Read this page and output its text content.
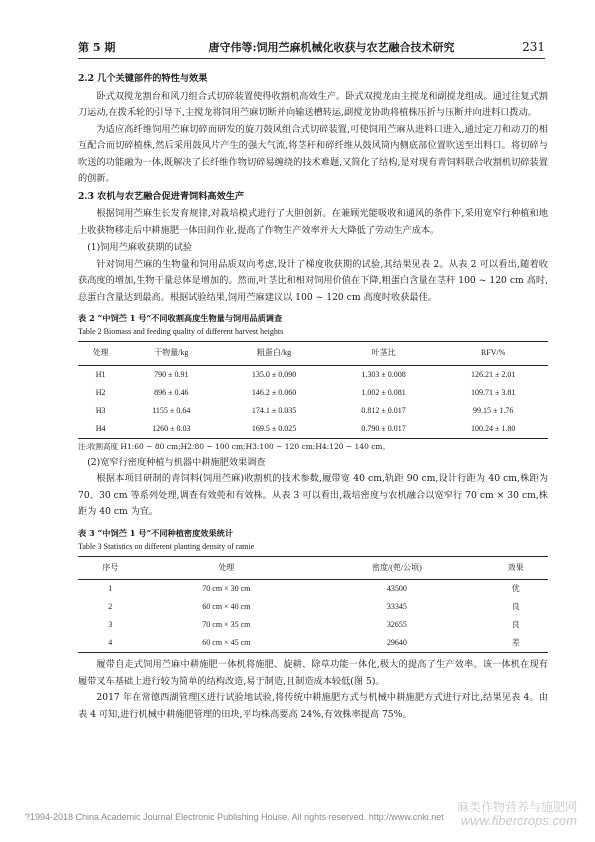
第 5 期	唐守伟等:饲用苎麻机械化收获与农艺融合技术研究	231
2.2 几个关键部件的特性与效果

卧式双搅龙割台和风刀组合式切碎装置使得收割机高效生产。卧式双搅龙由主搅龙和副搅龙组成。通过往复式割刀运动,在拨禾轮的引导下,主搅龙将饲用苎麻切断并向输送槽转运,副搅龙协助将植株压折与压断并向进料口拨动。

为适应高纤维饲用苎麻切碎而研发的旋刀鼓风组合式切碎装置,可使饲用苎麻从进料口进入,通过定刀和动刀的相互配合而切碎植株,然后采用鼓风片产生的强大气流,将茎秆和碎纤维从鼓风筒内侧底部位置吹送至出料口。将切碎与吹送的功能融为一体,既解决了长纤维作物切碎易缠绕的技术难题,又简化了结构,是对现有青饲料联合收割机切碎装置的创新。

2.3 农机与农艺融合促进青饲料高效生产

根据饲用苎麻生长发育规律,对栽培模式进行了大胆创新。在兼顾光能吸收和通风的条件下,采用宽窄行种植和地上收获物移走后中耕施肥一体田间作业,提高了作物生产效率并大大降低了劳动生产成本。

(1)饲用苎麻收获期的试验

针对饲用苎麻的生物量和饲用品质双向考虑,设计了梯度收获期的试验,其结果见表 2。从表 2 可以看出,随着收获高度的增加,生物干量总体是增加的。然而,叶茎比和相对饲用价值在下降,粗蛋白含量在茎秆 100 ~ 120 cm 高时,总蛋白含量达到最高。根据试验结果,饲用苎麻建议以 100 ~ 120 cm 高度时收获最佳。

表 2 “中饲苎 1 号”不同收割高度生物量与饲用品质调查
Table 2 Biomass and feeding quality of different harvest heights
处理	干物量/kg	粗蛋白/kg	叶茎比	RFV/%
H1	790 ± 0.91	135.0 ± 0.090	1.303 ± 0.008	126.21 ± 2.01
H2	896 ± 0.46	146.2 ± 0.060	1.002 ± 0.081	109.71 ± 3.81
H3	1155 ± 0.64	174.1 ± 0.035	0.812 ± 0.017	99.15 ± 1.76
H4	1260 ± 0.03	169.5 ± 0.025	0.790 ± 0.017	100.24 ± 1.80
注:收割高度 H1:60 ~ 80 cm;H2:80 ~ 100 cm;H3:100 ~ 120 cm;H4:120 ~ 140 cm。
(2)宽窄行密度种植与机器中耕施肥效果调查

根据本项目研制的青饲料(饲用苎麻)收割机的技术参数,履带宽 40 cm,轨距 90 cm,设计行距为 40 cm,株距为 70、30 cm 等系列处理,调查有效蔸和有效株。从表 3 可以看出,栽培密度与农机融合以宽窄行 70 cm × 30 cm,株距为 40 cm 为宜。

表 3 “中饲苎 1 号”不同种植密度效果统计
Table 3 Statistics on different planting density of ramie
序号	处理	密度/(蔸/公顷)	效果
1	70 cm × 30 cm	43500	优
2	60 cm × 40 cm	33345	良
3	70 cm × 35 cm	32655	良
4	60 cm × 45 cm	29640	差

履带自走式饲用苎麻中耕施肥一体机将施肥、旋耕、除草功能一体化,极大的提高了生产效率。该一体机在现有履带叉车基础上进行较为简单的结构改造,易于制造,且制造成本较低(图 5)。

2017 年在常德西湖管理区进行试验地试验,将传统中耕施肥方式与机械中耕施肥方式进行对比,结果见表 4。由表 4 可知,进行机械中耕施肥管理的田块,平均株高要高 24%,有效株率提高 75%。

?1994-2018 China Academic Journal Electronic Publishing House. All rights reserved. http://www.cnki.net
麻类作物营养与施肥网
www.fibercrops.com
